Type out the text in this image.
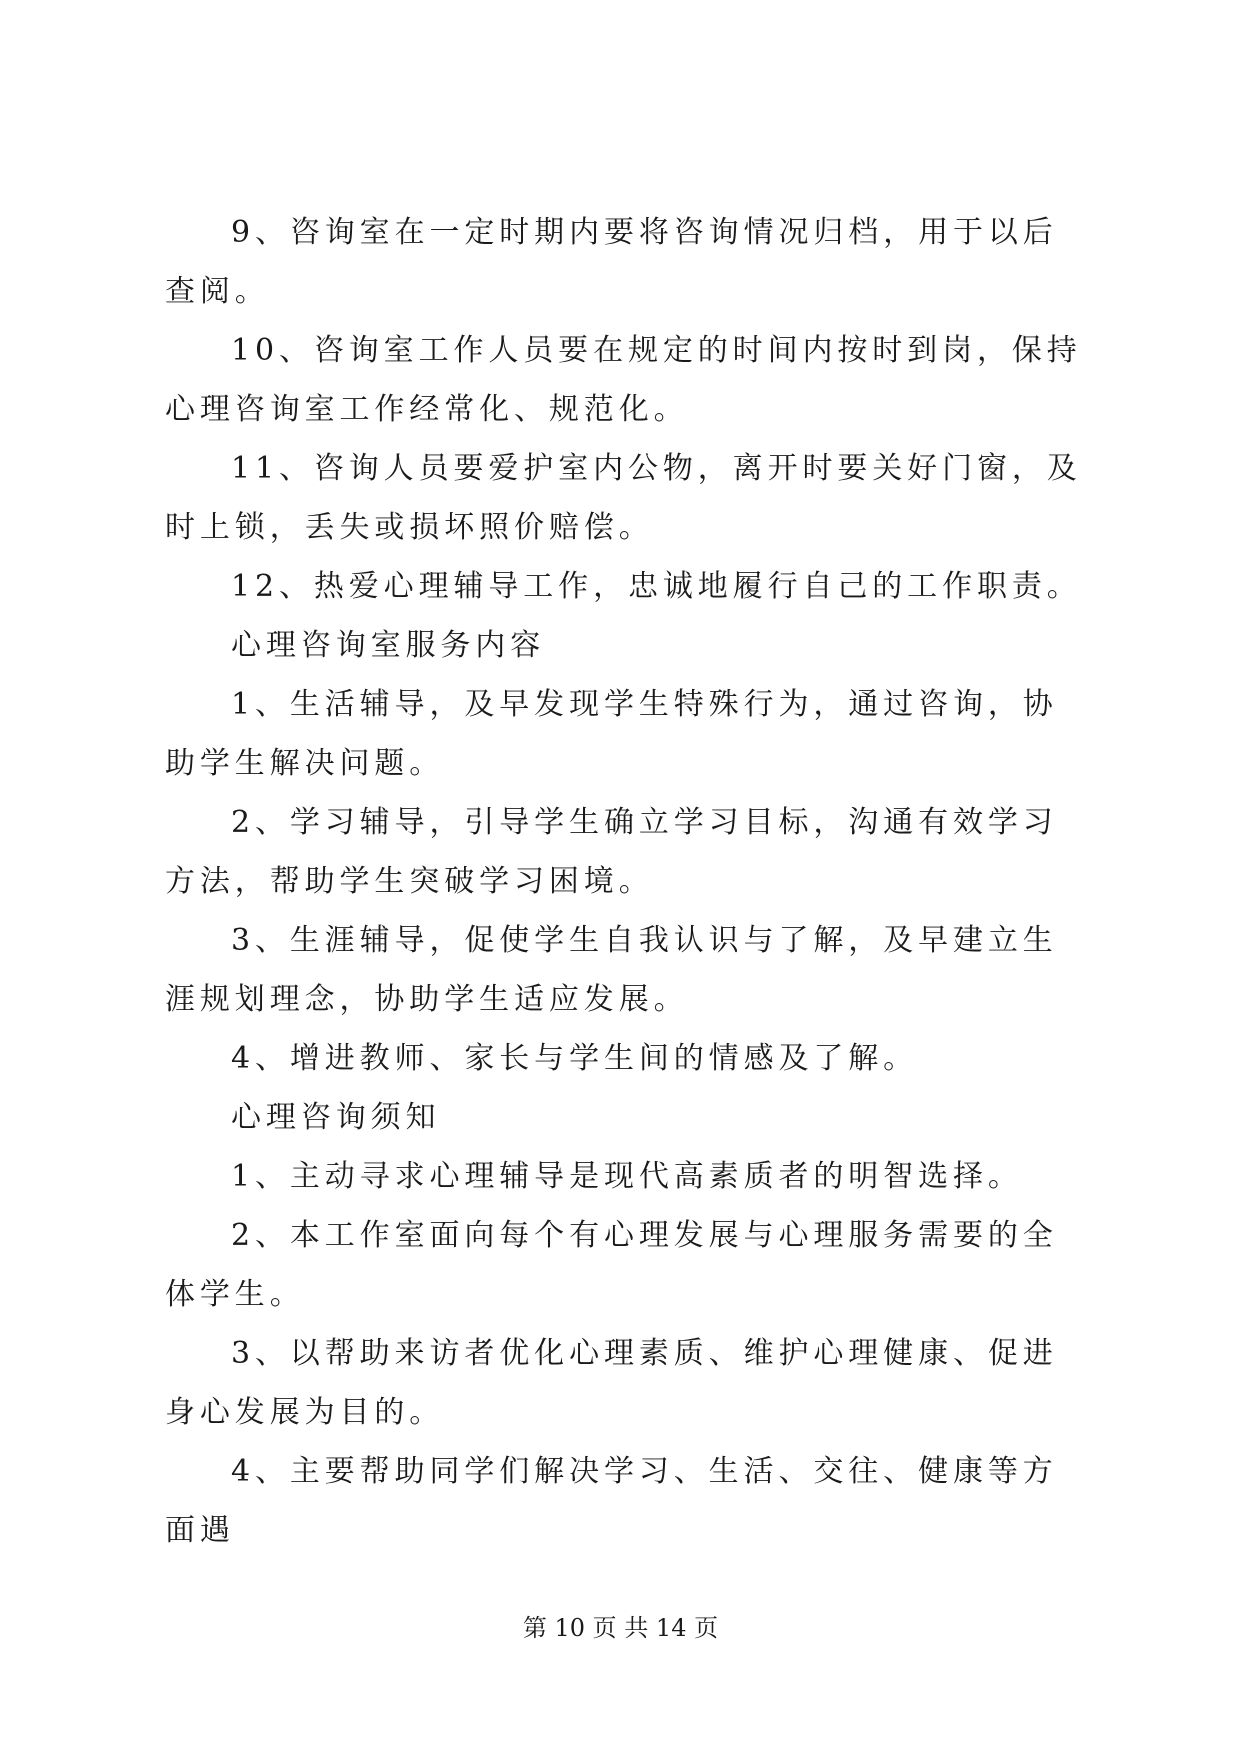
9、咨询室在一定时期内要将咨询情况归档，用于以后查阅。

10、咨询室工作人员要在规定的时间内按时到岗，保持心理咨询室工作经常化、规范化。

11、咨询人员要爱护室内公物，离开时要关好门窗，及时上锁，丢失或损坏照价赔偿。

12、热爱心理辅导工作，忠诚地履行自己的工作职责。

心理咨询室服务内容

1、生活辅导，及早发现学生特殊行为，通过咨询，协助学生解决问题。

2、学习辅导，引导学生确立学习目标，沟通有效学习方法，帮助学生突破学习困境。

3、生涯辅导，促使学生自我认识与了解，及早建立生涯规划理念，协助学生适应发展。

4、增进教师、家长与学生间的情感及了解。

心理咨询须知

1、主动寻求心理辅导是现代高素质者的明智选择。

2、本工作室面向每个有心理发展与心理服务需要的全体学生。

3、以帮助来访者优化心理素质、维护心理健康、促进身心发展为目的。

4、主要帮助同学们解决学习、生活、交往、健康等方面遇

第 10 页 共 14 页
